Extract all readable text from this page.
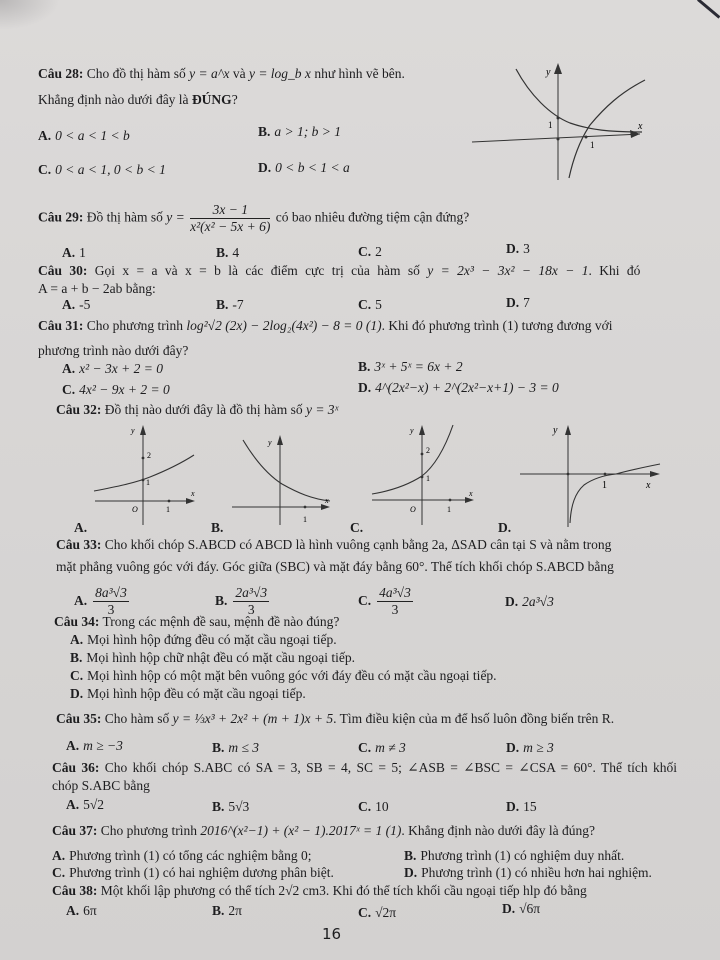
Câu 28: Cho đồ thị hàm số y = a^x và y = log_b x như hình vẽ bên.
Khẳng định nào dưới đây là ĐÚNG?
A. 0 < a < 1 < b	B. a > 1; b > 1
C. 0 < a < 1, 0 < b < 1	D. 0 < b < 1 < a
y
x
1
1
Câu 29: Đồ thị hàm số $y = \frac{3x - 1}{\text{x²(x² − 5x + 6)}}$ có bao nhiêu đường tiệm cận đứng?
A. 1	B. 4	C. 2	D. 3
Câu 30: Gọi x = a và x = b là các điểm cực trị của hàm số y = 2x³ − 3x² − 18x − 1. Khi đó
A = a + b − 2ab bằng:
A. -5	B. -7	C. 5	D. 7
Câu 31: Cho phương trình log²√2 (2x) − 2log₂(4x²) − 8 = 0 (1). Khi đó phương trình (1) tương đương với
phương trình nào dưới đây?
A. x² − 3x + 2 = 0	B. 3ˣ + 5ˣ = 6x + 2
C. 4x² − 9x + 2 = 0	D. 4^(2x²−x) + 2^(2x²−x+1) − 3 = 0
Câu 32: Đồ thị nào dưới đây là đồ thị hàm số y = 3ˣ
y
x
O	1
2
1
y
x
1
y
x
O	1
2
1
y
x
1
A.	B.	C.	D.
Câu 33: Cho khối chóp S.ABCD có ABCD là hình vuông cạnh bằng 2a, ΔSAD cân tại S và nằm trong
mặt phẳng vuông góc với đáy. Góc giữa (SBC) và mặt đáy bằng 60°. Thể tích khối chóp S.ABCD bằng
A. $\frac{\text{8a³√3}}{3}$	B. $\frac{\text{2a³√3}}{3}$	C. $\frac{\text{4a³√3}}{3}$	D. 2a³√3
Câu 34: Trong các mệnh đề sau, mệnh đề nào đúng?
A. Mọi hình hộp đứng đều có mặt cầu ngoại tiếp.
B. Mọi hình hộp chữ nhật đều có mặt cầu ngoại tiếp.
C. Mọi hình hộp có một mặt bên vuông góc với đáy đều có mặt cầu ngoại tiếp.
D. Mọi hình hộp đều có mặt cầu ngoại tiếp.
Câu 35: Cho hàm số y = ⅓x³ + 2x² + (m + 1)x + 5. Tìm điều kiện của m để hsố luôn đồng biến trên R.
A. m ≥ −3	B. m ≤ 3	C. m ≠ 3	D. m ≥ 3
Câu 36: Cho khối chóp S.ABC có SA = 3, SB = 4, SC = 5; ∠ASB = ∠BSC = ∠CSA = 60°. Thể tích khối
chóp S.ABC bằng
A. 5√2	B. 5√3	C. 10	D. 15
Câu 37: Cho phương trình 2016^(x²−1) + (x² − 1).2017ˣ = 1 (1). Khẳng định nào dưới đây là đúng?
A. Phương trình (1) có tổng các nghiệm bằng 0;	B. Phương trình (1) có nghiệm duy nhất.
C. Phương trình (1) có hai nghiệm dương phân biệt.	D. Phương trình (1) có nhiều hơn hai nghiệm.
Câu 38: Một khối lập phương có thể tích 2√2 cm3. Khi đó thể tích khối cầu ngoại tiếp hlp đó bằng
A. 6π	B. 2π	C. √2π	D. √6π
16
